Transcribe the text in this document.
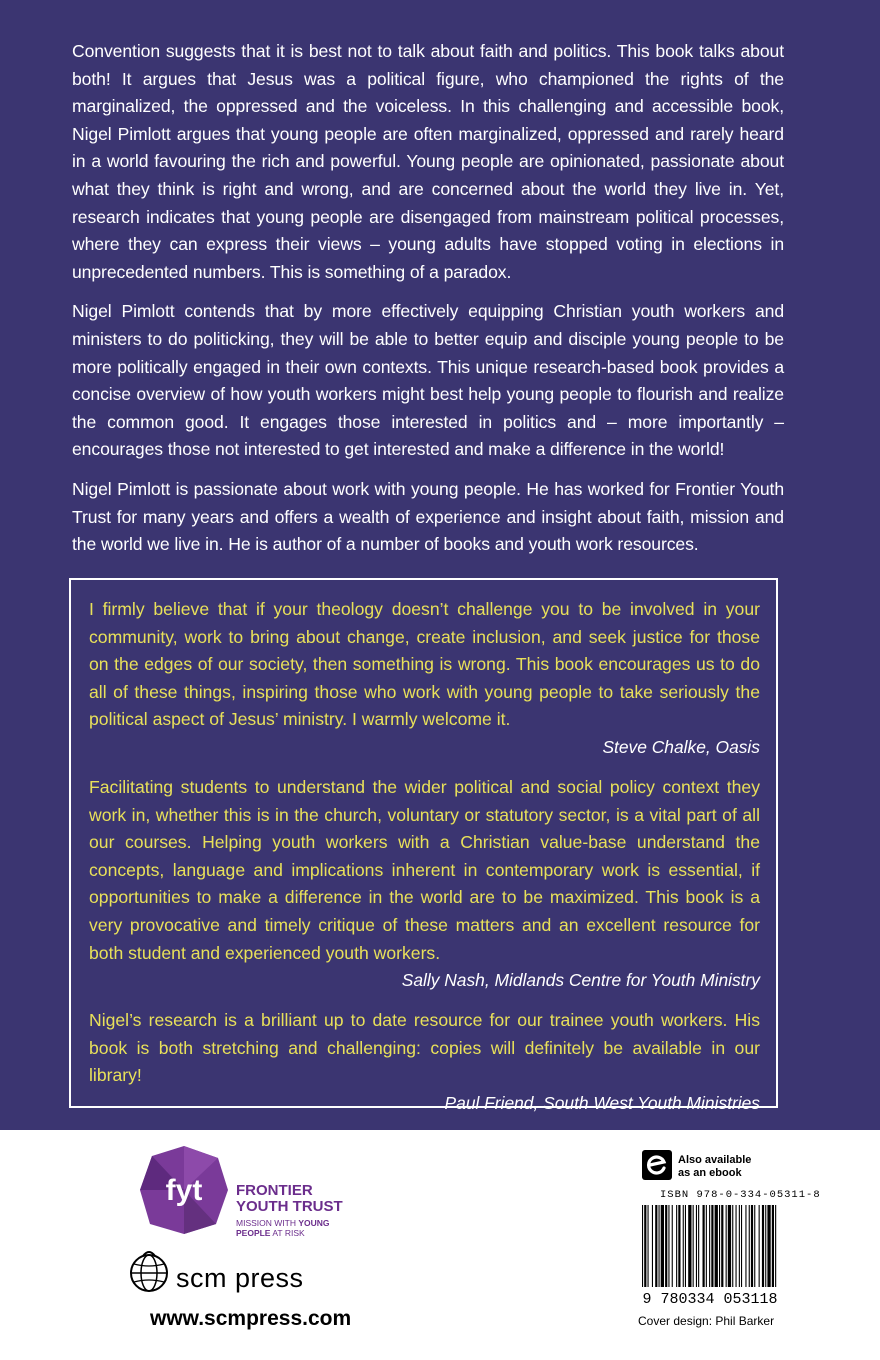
Convention suggests that it is best not to talk about faith and politics. This book talks about both! It argues that Jesus was a political figure, who championed the rights of the marginalized, the oppressed and the voiceless. In this challenging and accessible book, Nigel Pimlott argues that young people are often marginalized, oppressed and rarely heard in a world favouring the rich and powerful. Young people are opinionated, passionate about what they think is right and wrong, and are concerned about the world they live in. Yet, research indicates that young people are disengaged from mainstream political processes, where they can express their views – young adults have stopped voting in elections in unprecedented numbers. This is something of a paradox.

Nigel Pimlott contends that by more effectively equipping Christian youth workers and ministers to do politicking, they will be able to better equip and disciple young people to be more politically engaged in their own contexts. This unique research-based book provides a concise overview of how youth workers might best help young people to flourish and realize the common good. It engages those interested in politics and – more importantly – encourages those not interested to get interested and make a difference in the world!

Nigel Pimlott is passionate about work with young people. He has worked for Frontier Youth Trust for many years and offers a wealth of experience and insight about faith, mission and the world we live in. He is author of a number of books and youth work resources.

I firmly believe that if your theology doesn’t challenge you to be involved in your community, work to bring about change, create inclusion, and seek justice for those on the edges of our society, then something is wrong. This book encourages us to do all of these things, inspiring those who work with young people to take seriously the political aspect of Jesus’ ministry. I warmly welcome it.

Steve Chalke, Oasis

Facilitating students to understand the wider political and social policy context they work in, whether this is in the church, voluntary or statutory sector, is a vital part of all our courses. Helping youth workers with a Christian value-base understand the concepts, language and implications inherent in contemporary work is essential, if opportunities to make a difference in the world are to be maximized. This book is a very provocative and timely critique of these matters and an excellent resource for both student and experienced youth workers.

Sally Nash, Midlands Centre for Youth Ministry

Nigel’s research is a brilliant up to date resource for our trainee youth workers. His book is both stretching and challenging: copies will definitely be available in our library!

Paul Friend, South West Youth Ministries

fyt FRONTIER
YOUTH TRUST
MISSION WITH YOUNG
PEOPLE AT RISK
scm press
www.scmpress.com
Also available
as an ebook
ISBN 978-0-334-05311-8
9 780334 053118
Cover design: Phil Barker
